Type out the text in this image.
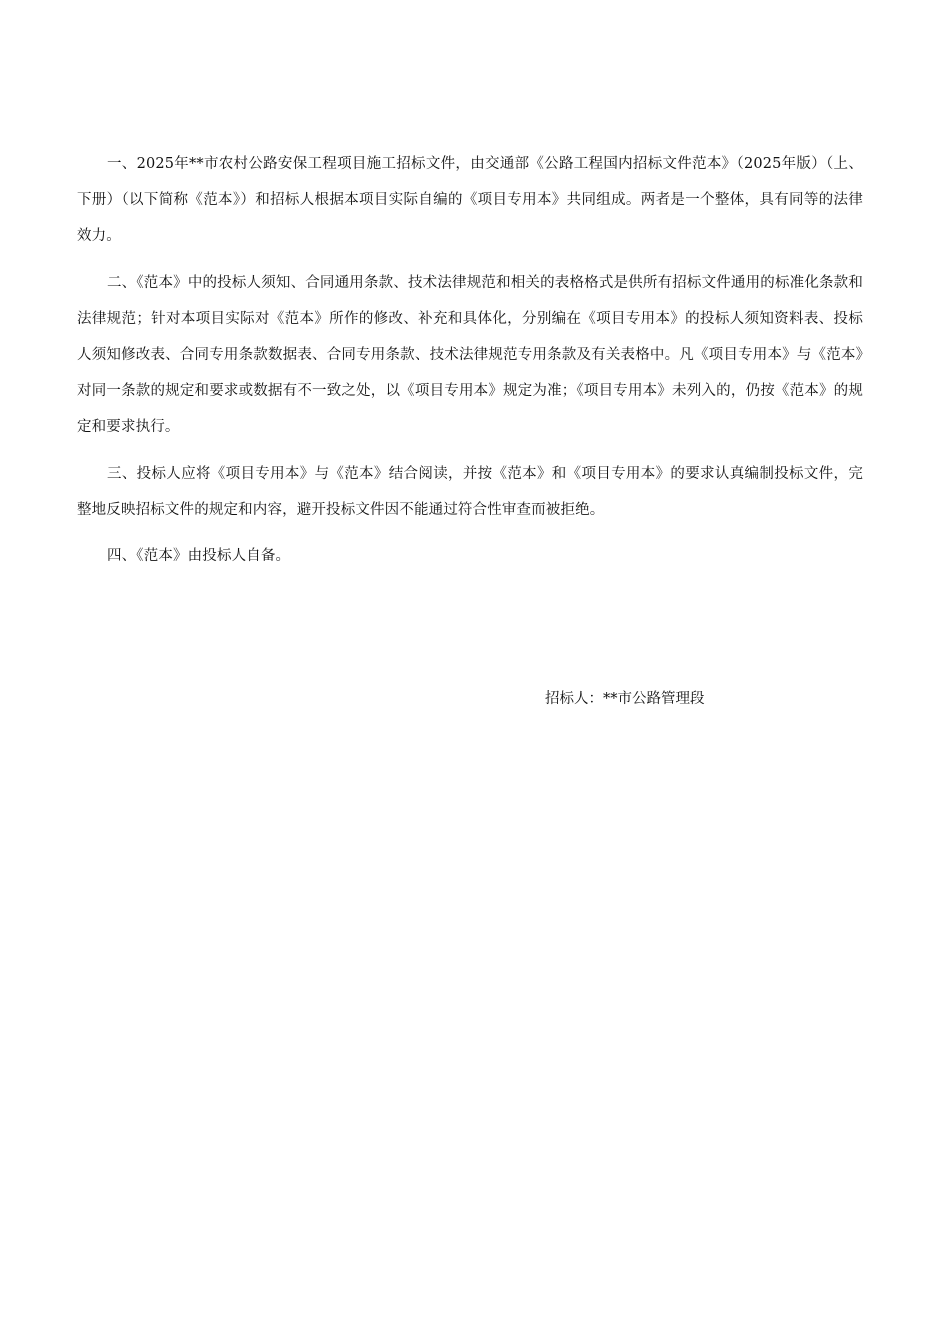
一、2025年**市农村公路安保工程项目施工招标文件，由交通部《公路工程国内招标文件范本》（2025年版）（上、下册）（以下简称《范本》）和招标人根据本项目实际自编的《项目专用本》共同组成。两者是一个整体，具有同等的法律效力。

二、《范本》中的投标人须知、合同通用条款、技术法律规范和相关的表格格式是供所有招标文件通用的标准化条款和法律规范；针对本项目实际对《范本》所作的修改、补充和具体化，分别编在《项目专用本》的投标人须知资料表、投标人须知修改表、合同专用条款数据表、合同专用条款、技术法律规范专用条款及有关表格中。凡《项目专用本》与《范本》对同一条款的规定和要求或数据有不一致之处，以《项目专用本》规定为准；《项目专用本》未列入的，仍按《范本》的规定和要求执行。

三、投标人应将《项目专用本》与《范本》结合阅读，并按《范本》和《项目专用本》的要求认真编制投标文件，完整地反映招标文件的规定和内容，避开投标文件因不能通过符合性审查而被拒绝。

四、《范本》由投标人自备。

招标人：**市公路管理段
